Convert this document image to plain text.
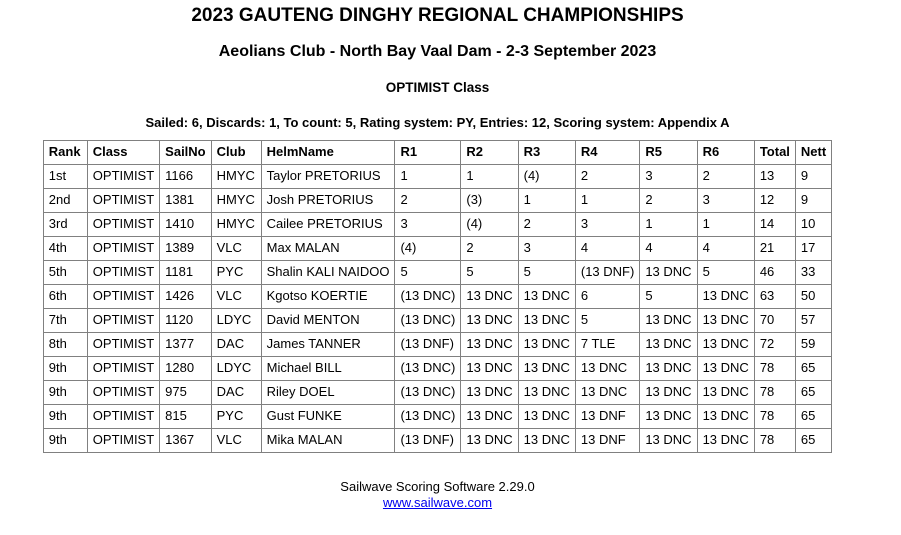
2023 GAUTENG DINGHY REGIONAL CHAMPIONSHIPS
Aeolians Club - North Bay Vaal Dam - 2-3 September 2023
OPTIMIST Class
Sailed: 6, Discards: 1, To count: 5, Rating system: PY, Entries: 12, Scoring system: Appendix A
Rank	Class	SailNo	Club	HelmName	R1	R2	R3	R4	R5	R6	Total	Nett
1st	OPTIMIST	1166	HMYC	Taylor PRETORIUS	1	1	(4)	2	3	2	13	9
2nd	OPTIMIST	1381	HMYC	Josh PRETORIUS	2	(3)	1	1	2	3	12	9
3rd	OPTIMIST	1410	HMYC	Cailee PRETORIUS	3	(4)	2	3	1	1	14	10
4th	OPTIMIST	1389	VLC	Max MALAN	(4)	2	3	4	4	4	21	17
5th	OPTIMIST	1181	PYC	Shalin KALI NAIDOO	5	5	5	(13 DNF)	13 DNC	5	46	33
6th	OPTIMIST	1426	VLC	Kgotso KOERTIE	(13 DNC)	13 DNC	13 DNC	6	5	13 DNC	63	50
7th	OPTIMIST	1120	LDYC	David MENTON	(13 DNC)	13 DNC	13 DNC	5	13 DNC	13 DNC	70	57
8th	OPTIMIST	1377	DAC	James TANNER	(13 DNF)	13 DNC	13 DNC	7 TLE	13 DNC	13 DNC	72	59
9th	OPTIMIST	1280	LDYC	Michael BILL	(13 DNC)	13 DNC	13 DNC	13 DNC	13 DNC	13 DNC	78	65
9th	OPTIMIST	975	DAC	Riley DOEL	(13 DNC)	13 DNC	13 DNC	13 DNC	13 DNC	13 DNC	78	65
9th	OPTIMIST	815	PYC	Gust FUNKE	(13 DNC)	13 DNC	13 DNC	13 DNF	13 DNC	13 DNC	78	65
9th	OPTIMIST	1367	VLC	Mika MALAN	(13 DNF)	13 DNC	13 DNC	13 DNF	13 DNC	13 DNC	78	65
Sailwave Scoring Software 2.29.0
www.sailwave.com
